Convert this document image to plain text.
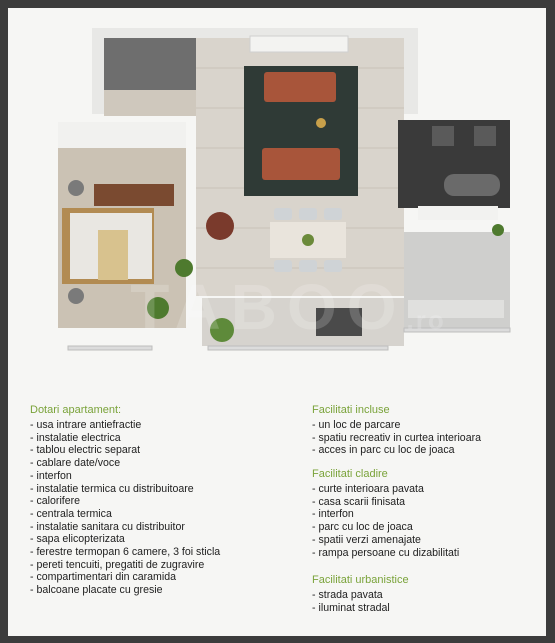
TABOO.ro
Dotari apartament:
- usa intrare antiefractie
- instalatie electrica
- tablou electric separat
- cablare date/voce
- interfon
- instalatie termica cu distribuitoare
- calorifere
- centrala termica
- instalatie sanitara cu distribuitor
- sapa elicopterizata
- ferestre termopan 6 camere, 3 foi sticla
- pereti tencuiti, pregatiti de zugravire
- compartimentari din caramida
- balcoane placate cu gresie
Facilitati incluse
- un loc de parcare
- spatiu recreativ in curtea interioara
- acces in parc cu loc de joaca
Facilitati cladire
- curte interioara pavata
- casa scarii finisata
- interfon
- parc cu loc de joaca
- spatii verzi amenajate
- rampa persoane cu dizabilitati
Facilitati urbanistice
- strada pavata
- iluminat stradal
